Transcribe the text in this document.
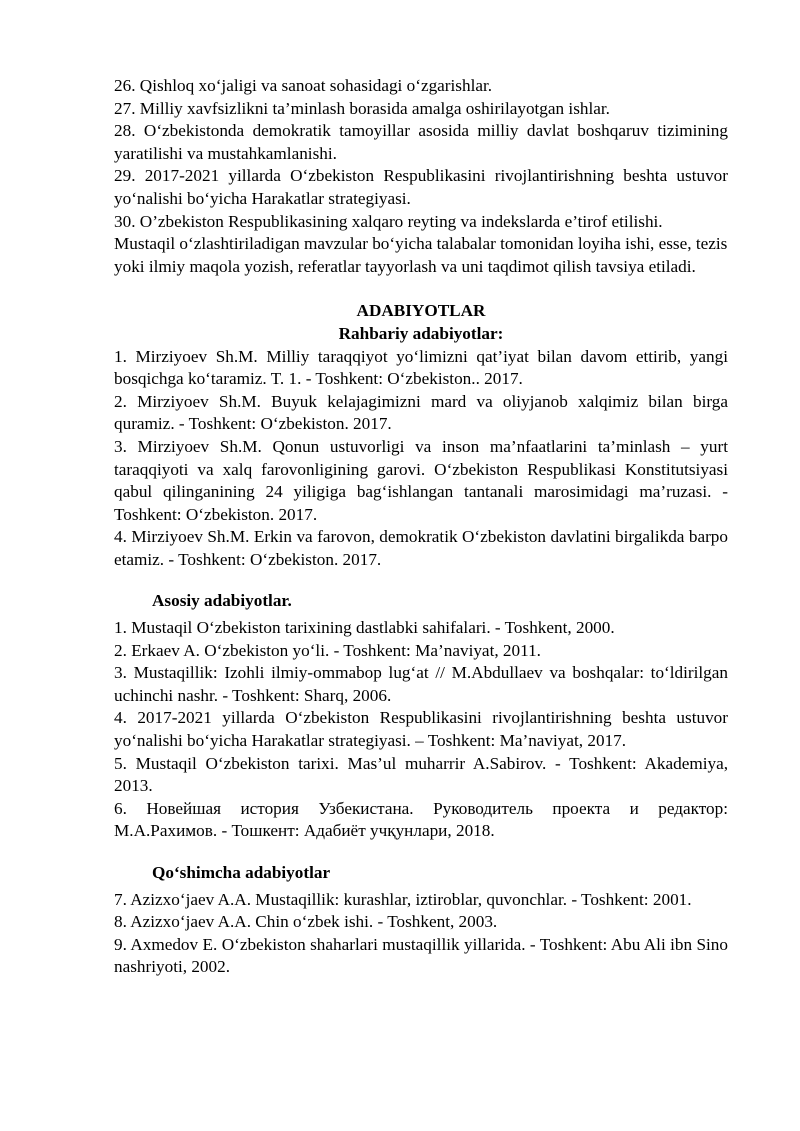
26. Qishloq xo‘jaligi va sanoat sohasidagi o‘zgarishlar.

27. Milliy xavfsizlikni ta’minlash borasida amalga oshirilayotgan ishlar.

28. O‘zbekistonda demokratik tamoyillar asosida milliy davlat boshqaruv tizimining yaratilishi va mustahkamlanishi.

29. 2017-2021 yillarda O‘zbekiston Respublikasini rivojlantirishning beshta ustuvor yo‘nalishi bo‘yicha Harakatlar strategiyasi.

30. O’zbekiston Respublikasining xalqaro reyting va indekslarda e’tirof etilishi.

Mustaqil o‘zlashtiriladigan mavzular bo‘yicha talabalar tomonidan loyiha ishi, esse, tezis yoki ilmiy maqola yozish, referatlar tayyorlash va uni taqdimot qilish tavsiya etiladi.

ADABIYOTLAR

Rahbariy adabiyotlar:

1. Mirziyoev Sh.M. Milliy taraqqiyot yo‘limizni qat’iyat bilan davom ettirib, yangi bosqichga ko‘taramiz. T. 1. - Toshkent: O‘zbekiston.. 2017.

2. Mirziyoev Sh.M. Buyuk kelajagimizni mard va oliyjanob xalqimiz bilan birga quramiz. - Toshkent: O‘zbekiston. 2017.

3. Mirziyoev Sh.M. Qonun ustuvorligi va inson ma’nfaatlarini ta’minlash – yurt taraqqiyoti va xalq farovonligining garovi. O‘zbekiston Respublikasi Konstitutsiyasi qabul qilinganining 24 yiligiga bag‘ishlangan tantanali marosimidagi ma’ruzasi. - Toshkent: O‘zbekiston. 2017.

4. Mirziyoev Sh.M. Erkin va farovon, demokratik O‘zbekiston davlatini birgalikda barpo etamiz. - Toshkent: O‘zbekiston. 2017.

Asosiy adabiyotlar.

1. Mustaqil O‘zbekiston tarixining dastlabki sahifalari. - Toshkent, 2000.

2. Erkaev A. O‘zbekiston yo‘li. - Toshkent: Ma’naviyat, 2011.

3. Mustaqillik: Izohli ilmiy-ommabop lug‘at // M.Abdullaev va boshqalar: to‘ldirilgan uchinchi nashr. - Toshkent: Sharq, 2006.

4. 2017-2021 yillarda O‘zbekiston Respublikasini rivojlantirishning beshta ustuvor yo‘nalishi bo‘yicha Harakatlar strategiyasi. – Toshkent: Ma’naviyat, 2017.

5. Mustaqil O‘zbekiston tarixi. Mas’ul muharrir A.Sabirov. - Toshkent: Akademiya, 2013.

6. Новейшая история Узбекистана. Руководитель проекта и редактор: М.А.Рахимов. - Тошкент: Адабиёт учқунлари, 2018.

Qo‘shimcha adabiyotlar

7. Azizxo‘jaev A.A. Mustaqillik: kurashlar, iztiroblar, quvonchlar. - Toshkent: 2001.

8. Azizxo‘jaev A.A. Chin o‘zbek ishi. - Toshkent, 2003.

9. Axmedov E. O‘zbekiston shaharlari mustaqillik yillarida. - Toshkent: Abu Ali ibn Sino nashriyoti, 2002.
